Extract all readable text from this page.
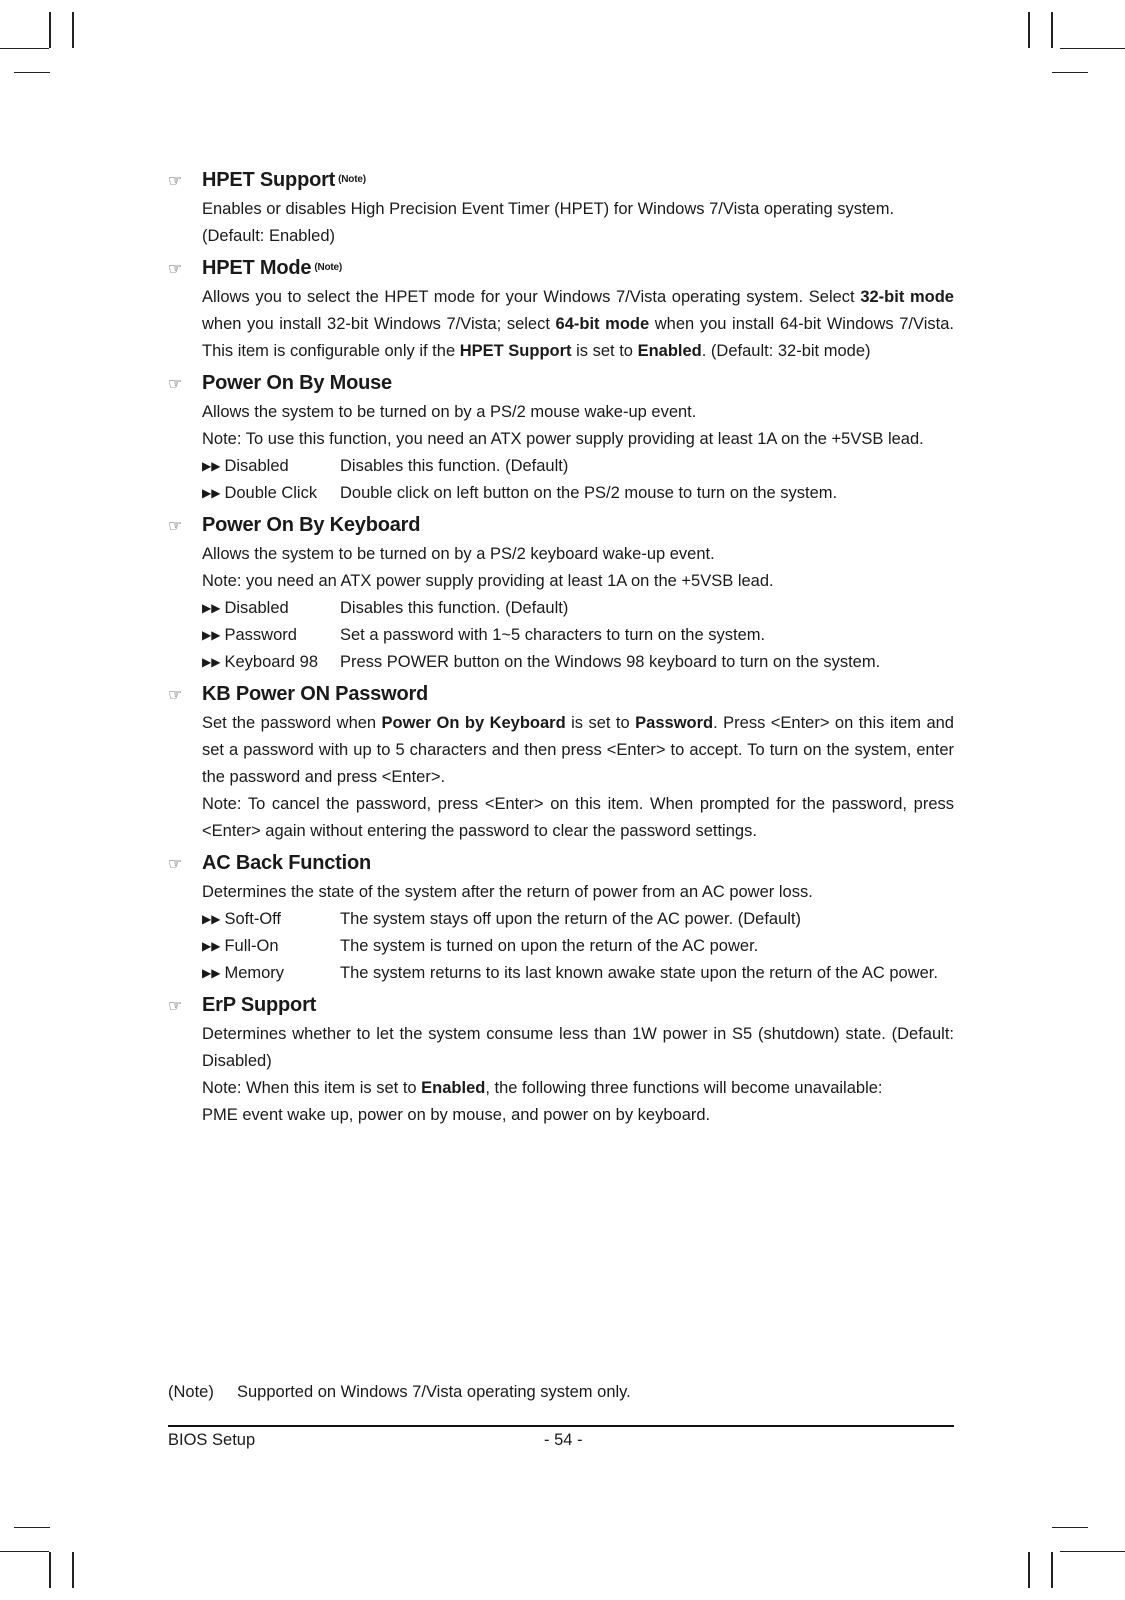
☞ HPET Support $^{(Note)}$

Enables or disables High Precision Event Timer (HPET) for Windows 7/Vista operating system.

(Default: Enabled)

☞ HPET Mode $^{(Note)}$

Allows you to select the HPET mode for your Windows 7/Vista operating system. Select 32-bit mode when you install 32-bit Windows 7/Vista; select 64-bit mode when you install 64-bit Windows 7/Vista. This item is configurable only if the HPET Support is set to Enabled. (Default: 32-bit mode)

☞ Power On By Mouse

Allows the system to be turned on by a PS/2 mouse wake-up event.

Note: To use this function, you need an ATX power supply providing at least 1A on the +5VSB lead.

▶▶ Disabled	Disables this function. (Default)
▶▶ Double Click	Double click on left button on the PS/2 mouse to turn on the system.
☞ Power On By Keyboard

Allows the system to be turned on by a PS/2 keyboard wake-up event.

Note: you need an ATX power supply providing at least 1A on the +5VSB lead.

▶▶ Disabled	Disables this function. (Default)
▶▶ Password	Set a password with 1~5 characters to turn on the system.
▶▶ Keyboard 98	Press POWER button on the Windows 98 keyboard to turn on the system.
☞ KB Power ON Password

Set the password when Power On by Keyboard is set to Password. Press <Enter> on this item and set a password with up to 5 characters and then press <Enter> to accept. To turn on the system, enter the password and press <Enter>.

Note: To cancel the password, press <Enter> on this item. When prompted for the password, press <Enter> again without entering the password to clear the password settings.

☞ AC Back Function

Determines the state of the system after the return of power from an AC power loss.

▶▶ Soft-Off	The system stays off upon the return of the AC power. (Default)
▶▶ Full-On	The system is turned on upon the return of the AC power.
▶▶ Memory	The system returns to its last known awake state upon the return of the AC power.
☞ ErP Support

Determines whether to let the system consume less than 1W power in S5 (shutdown) state. (Default: Disabled)

Note: When this item is set to Enabled, the following three functions will become unavailable:

PME event wake up, power on by mouse, and power on by keyboard.

(Note) Supported on Windows 7/Vista operating system only.
BIOS Setup	- 54 -
